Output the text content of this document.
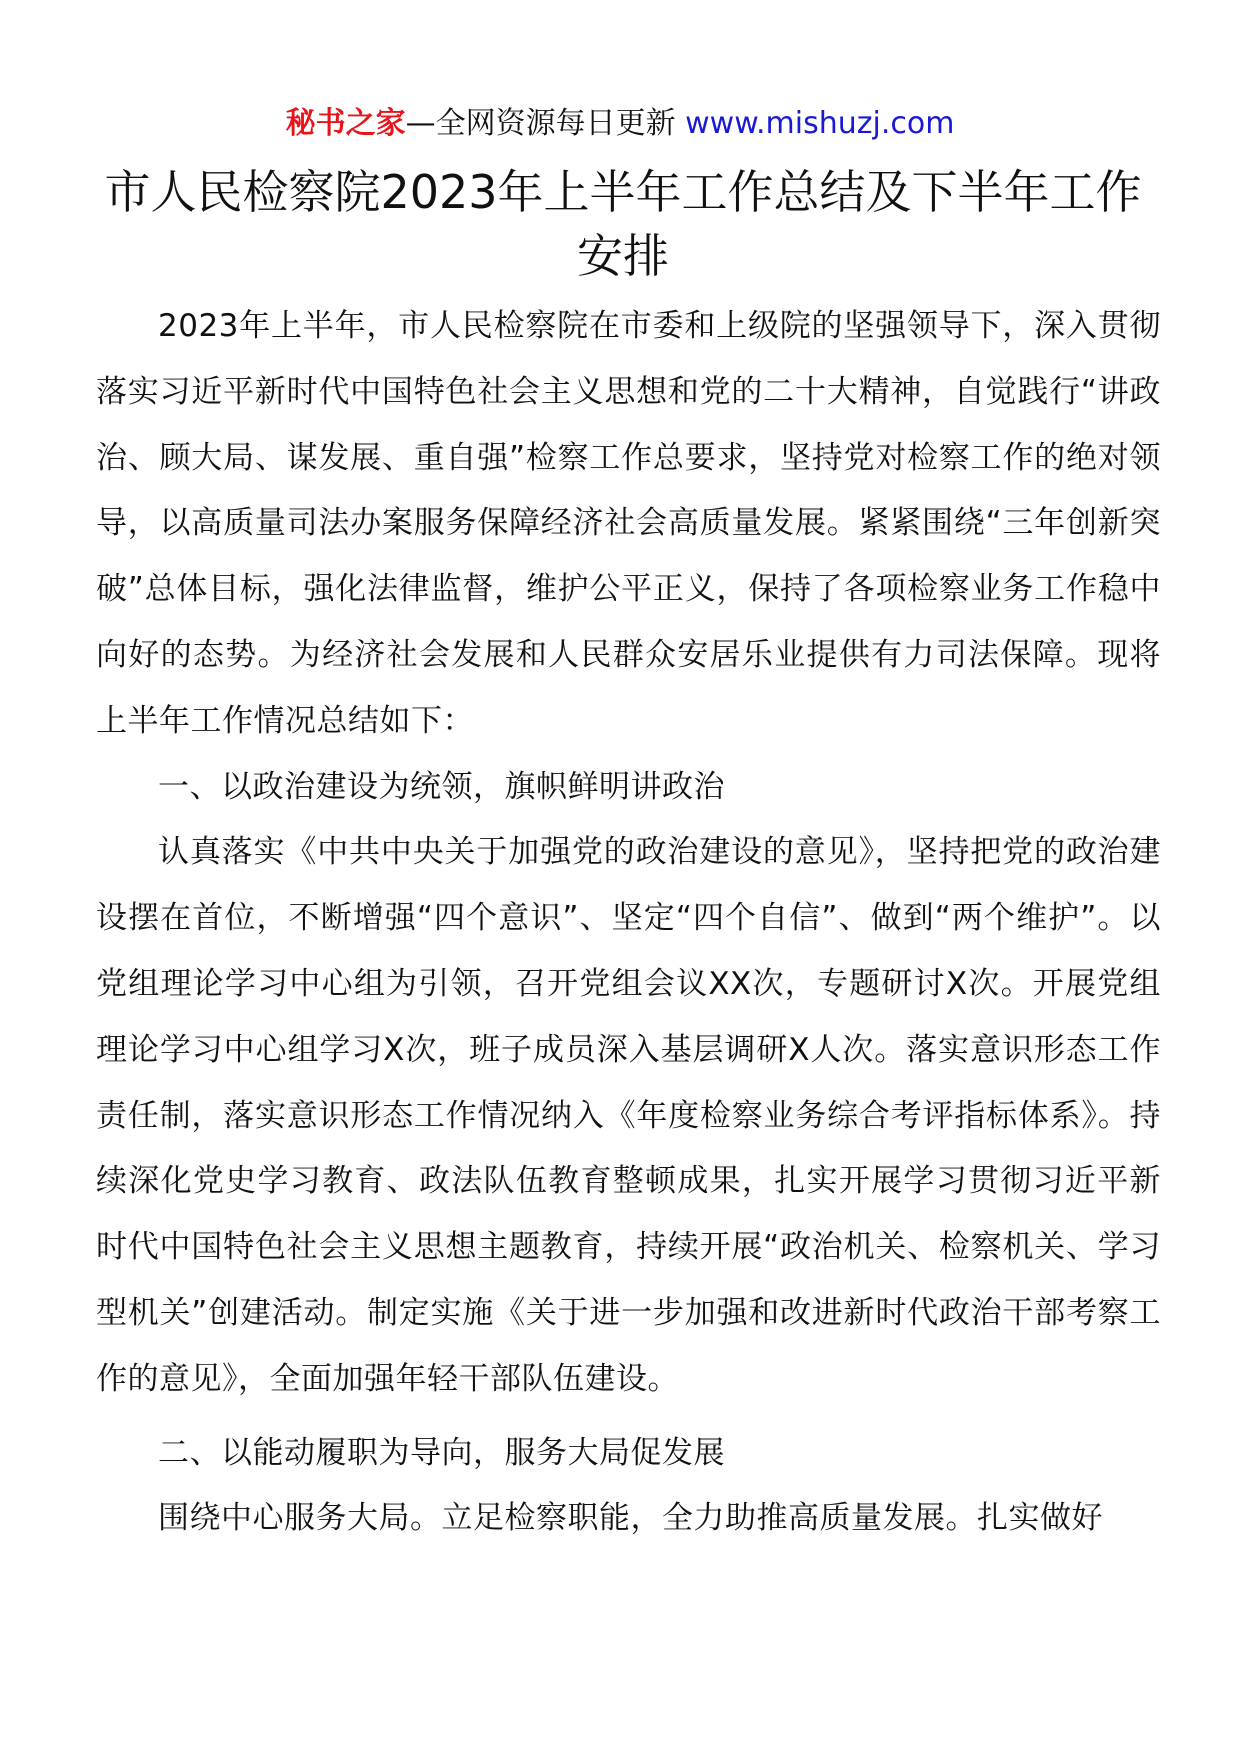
秘书之家—全网资源每日更新 www.mishuzj.com
市人民检察院2023年上半年工作总结及下半年工作安排

2023年上半年，市人民检察院在市委和上级院的坚强领导下，深入贯彻落实习近平新时代中国特色社会主义思想和党的二十大精神，自觉践行“讲政治、顾大局、谋发展、重自强”检察工作总要求，坚持党对检察工作的绝对领导，以高质量司法办案服务保障经济社会高质量发展。紧紧围绕“三年创新突破”总体目标，强化法律监督，维护公平正义，保持了各项检察业务工作稳中向好的态势。为经济社会发展和人民群众安居乐业提供有力司法保障。现将上半年工作情况总结如下：

一、以政治建设为统领，旗帜鲜明讲政治

认真落实《中共中央关于加强党的政治建设的意见》，坚持把党的政治建设摆在首位，不断增强“四个意识”、坚定“四个自信”、做到“两个维护”。以党组理论学习中心组为引领，召开党组会议XX次，专题研讨X次。开展党组理论学习中心组学习X次，班子成员深入基层调研X人次。落实意识形态工作责任制，落实意识形态工作情况纳入《年度检察业务综合考评指标体系》。持续深化党史学习教育、政法队伍教育整顿成果，扎实开展学习贯彻习近平新时代中国特色社会主义思想主题教育，持续开展“政治机关、检察机关、学习型机关”创建活动。制定实施《关于进一步加强和改进新时代政治干部考察工作的意见》，全面加强年轻干部队伍建设。

二、以能动履职为导向，服务大局促发展

围绕中心服务大局。立足检察职能，全力助推高质量发展。扎实做好
